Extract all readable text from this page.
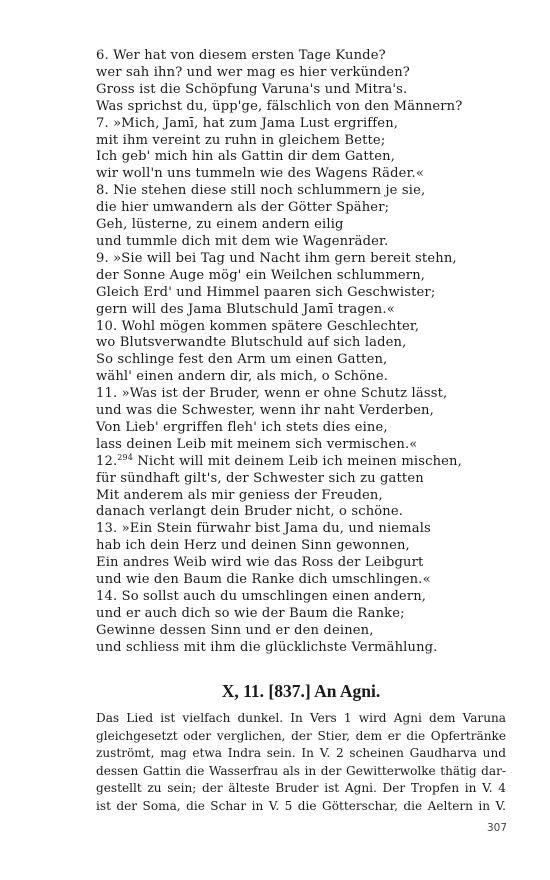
6. Wer hat von diesem ersten Tage Kunde?
wer sah ihn? und wer mag es hier verkünden?
Gross ist die Schöpfung Varuna's und Mitra's.
Was sprichst du, üpp'ge, fälschlich von den Männern?
7. »Mich, Jamī, hat zum Jama Lust ergriffen,
mit ihm vereint zu ruhn in gleichem Bette;
Ich geb' mich hin als Gattin dir dem Gatten,
wir woll'n uns tummeln wie des Wagens Räder.«
8. Nie stehen diese still noch schlummern je sie,
die hier umwandern als der Götter Späher;
Geh, lüsterne, zu einem andern eilig
und tummle dich mit dem wie Wagenräder.
9. »Sie will bei Tag und Nacht ihm gern bereit stehn,
der Sonne Auge mög' ein Weilchen schlummern,
Gleich Erd' und Himmel paaren sich Geschwister;
gern will des Jama Blutschuld Jamī tragen.«
10. Wohl mögen kommen spätere Geschlechter,
wo Blutsverwandte Blutschuld auf sich laden,
So schlinge fest den Arm um einen Gatten,
wähl' einen andern dir, als mich, o Schöne.
11. »Was ist der Bruder, wenn er ohne Schutz lässt,
und was die Schwester, wenn ihr naht Verderben,
Von Lieb' ergriffen fleh' ich stets dies eine,
lass deinen Leib mit meinem sich vermischen.«
12.$^{294}$ Nicht will mit deinem Leib ich meinen mischen,
für sündhaft gilt's, der Schwester sich zu gatten
Mit anderem als mir geniess der Freuden,
danach verlangt dein Bruder nicht, o schöne.
13. »Ein Stein fürwahr bist Jama du, und niemals
hab ich dein Herz und deinen Sinn gewonnen,
Ein andres Weib wird wie das Ross der Leibgurt
und wie den Baum die Ranke dich umschlingen.«
14. So sollst auch du umschlingen einen andern,
und er auch dich so wie der Baum die Ranke;
Gewinne dessen Sinn und er den deinen,
und schliess mit ihm die glücklichste Vermählung.
X, 11. [837.] An Agni.
Das Lied ist vielfach dunkel. In Vers 1 wird Agni dem Varuna
gleichgesetzt oder verglichen, der Stier, dem er die Opfertränke
zuströmt, mag etwa Indra sein. In V. 2 scheinen Gaudharva und
dessen Gattin die Wasserfrau als in der Gewitterwolke thätig dar-
gestellt zu sein; der älteste Bruder ist Agni. Der Tropfen in V. 4
ist der Soma, die Schar in V. 5 die Götterschar, die Aeltern in V.
307
